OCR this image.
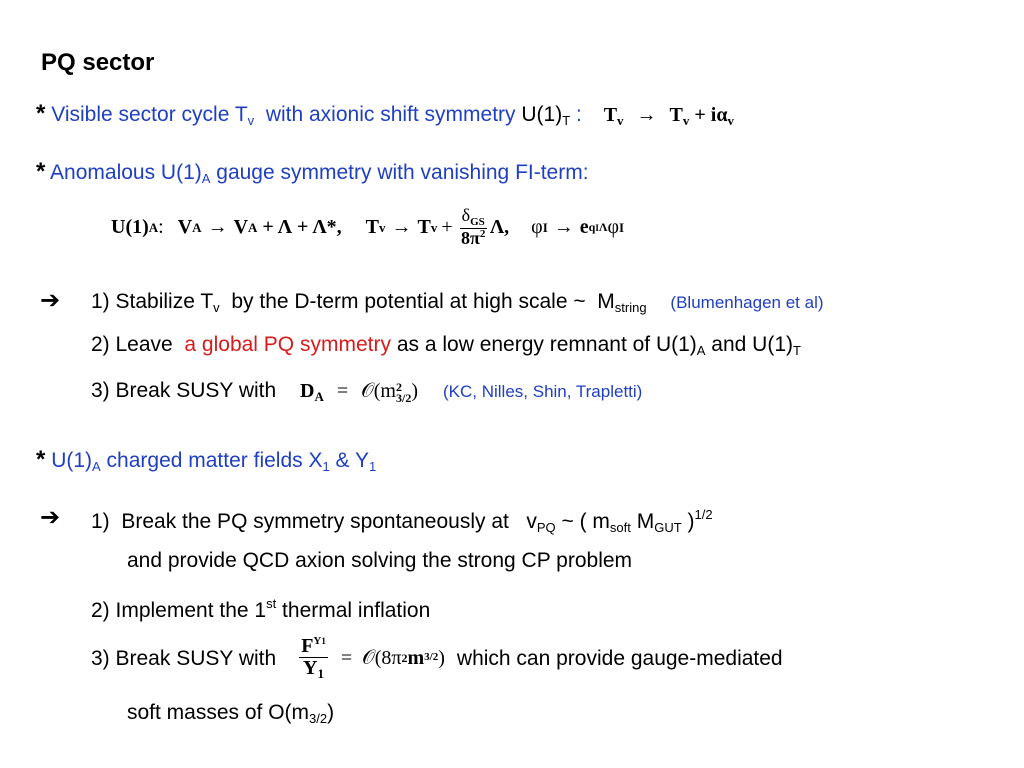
PQ sector
* Visible sector cycle $T_v$  with axionic shift symmetry $U(1)_T$ : $T_v \to T_v + i\alpha_v$
* Anomalous $U(1)_A$ gauge symmetry with vanishing FI-term:
U(1) A : V A → V A + Λ + Λ*, T v → T $v + \frac{\delta_{GS}}{8\pi^2} \Lambda$, φ I → e qIΛ φ I
➔ 1) Stabilize $T_v$  by the D-term potential at high scale ~  $M_{string}$ (Blumenhagen et al)
2) Leave  a global PQ symmetry as a low energy remnant of $U(1)_A$ and $U(1)_T$
3) Break SUSY with $D_A$ = 𝒪(m 2
3/2 ) (KC, Nilles, Shin, Trapletti)
* $U(1)_A$ charged matter fields $X_1$ & $Y_1$
➔ 1)  Break the PQ symmetry spontaneously at   $v_{PQ}$ ~ ( $m_{soft}$ $M_{GUT}$ )$^{1/2}$
and provide QCD axion solving the strong CP problem
2) Implement the 1st thermal inflation
3) Break SUSY with $\frac{F^{Y1}}{Y_1}$ = 𝒪(8π 2 m 3/2 ) which can provide gauge-mediated
soft masses of $O(m_{3/2})$
